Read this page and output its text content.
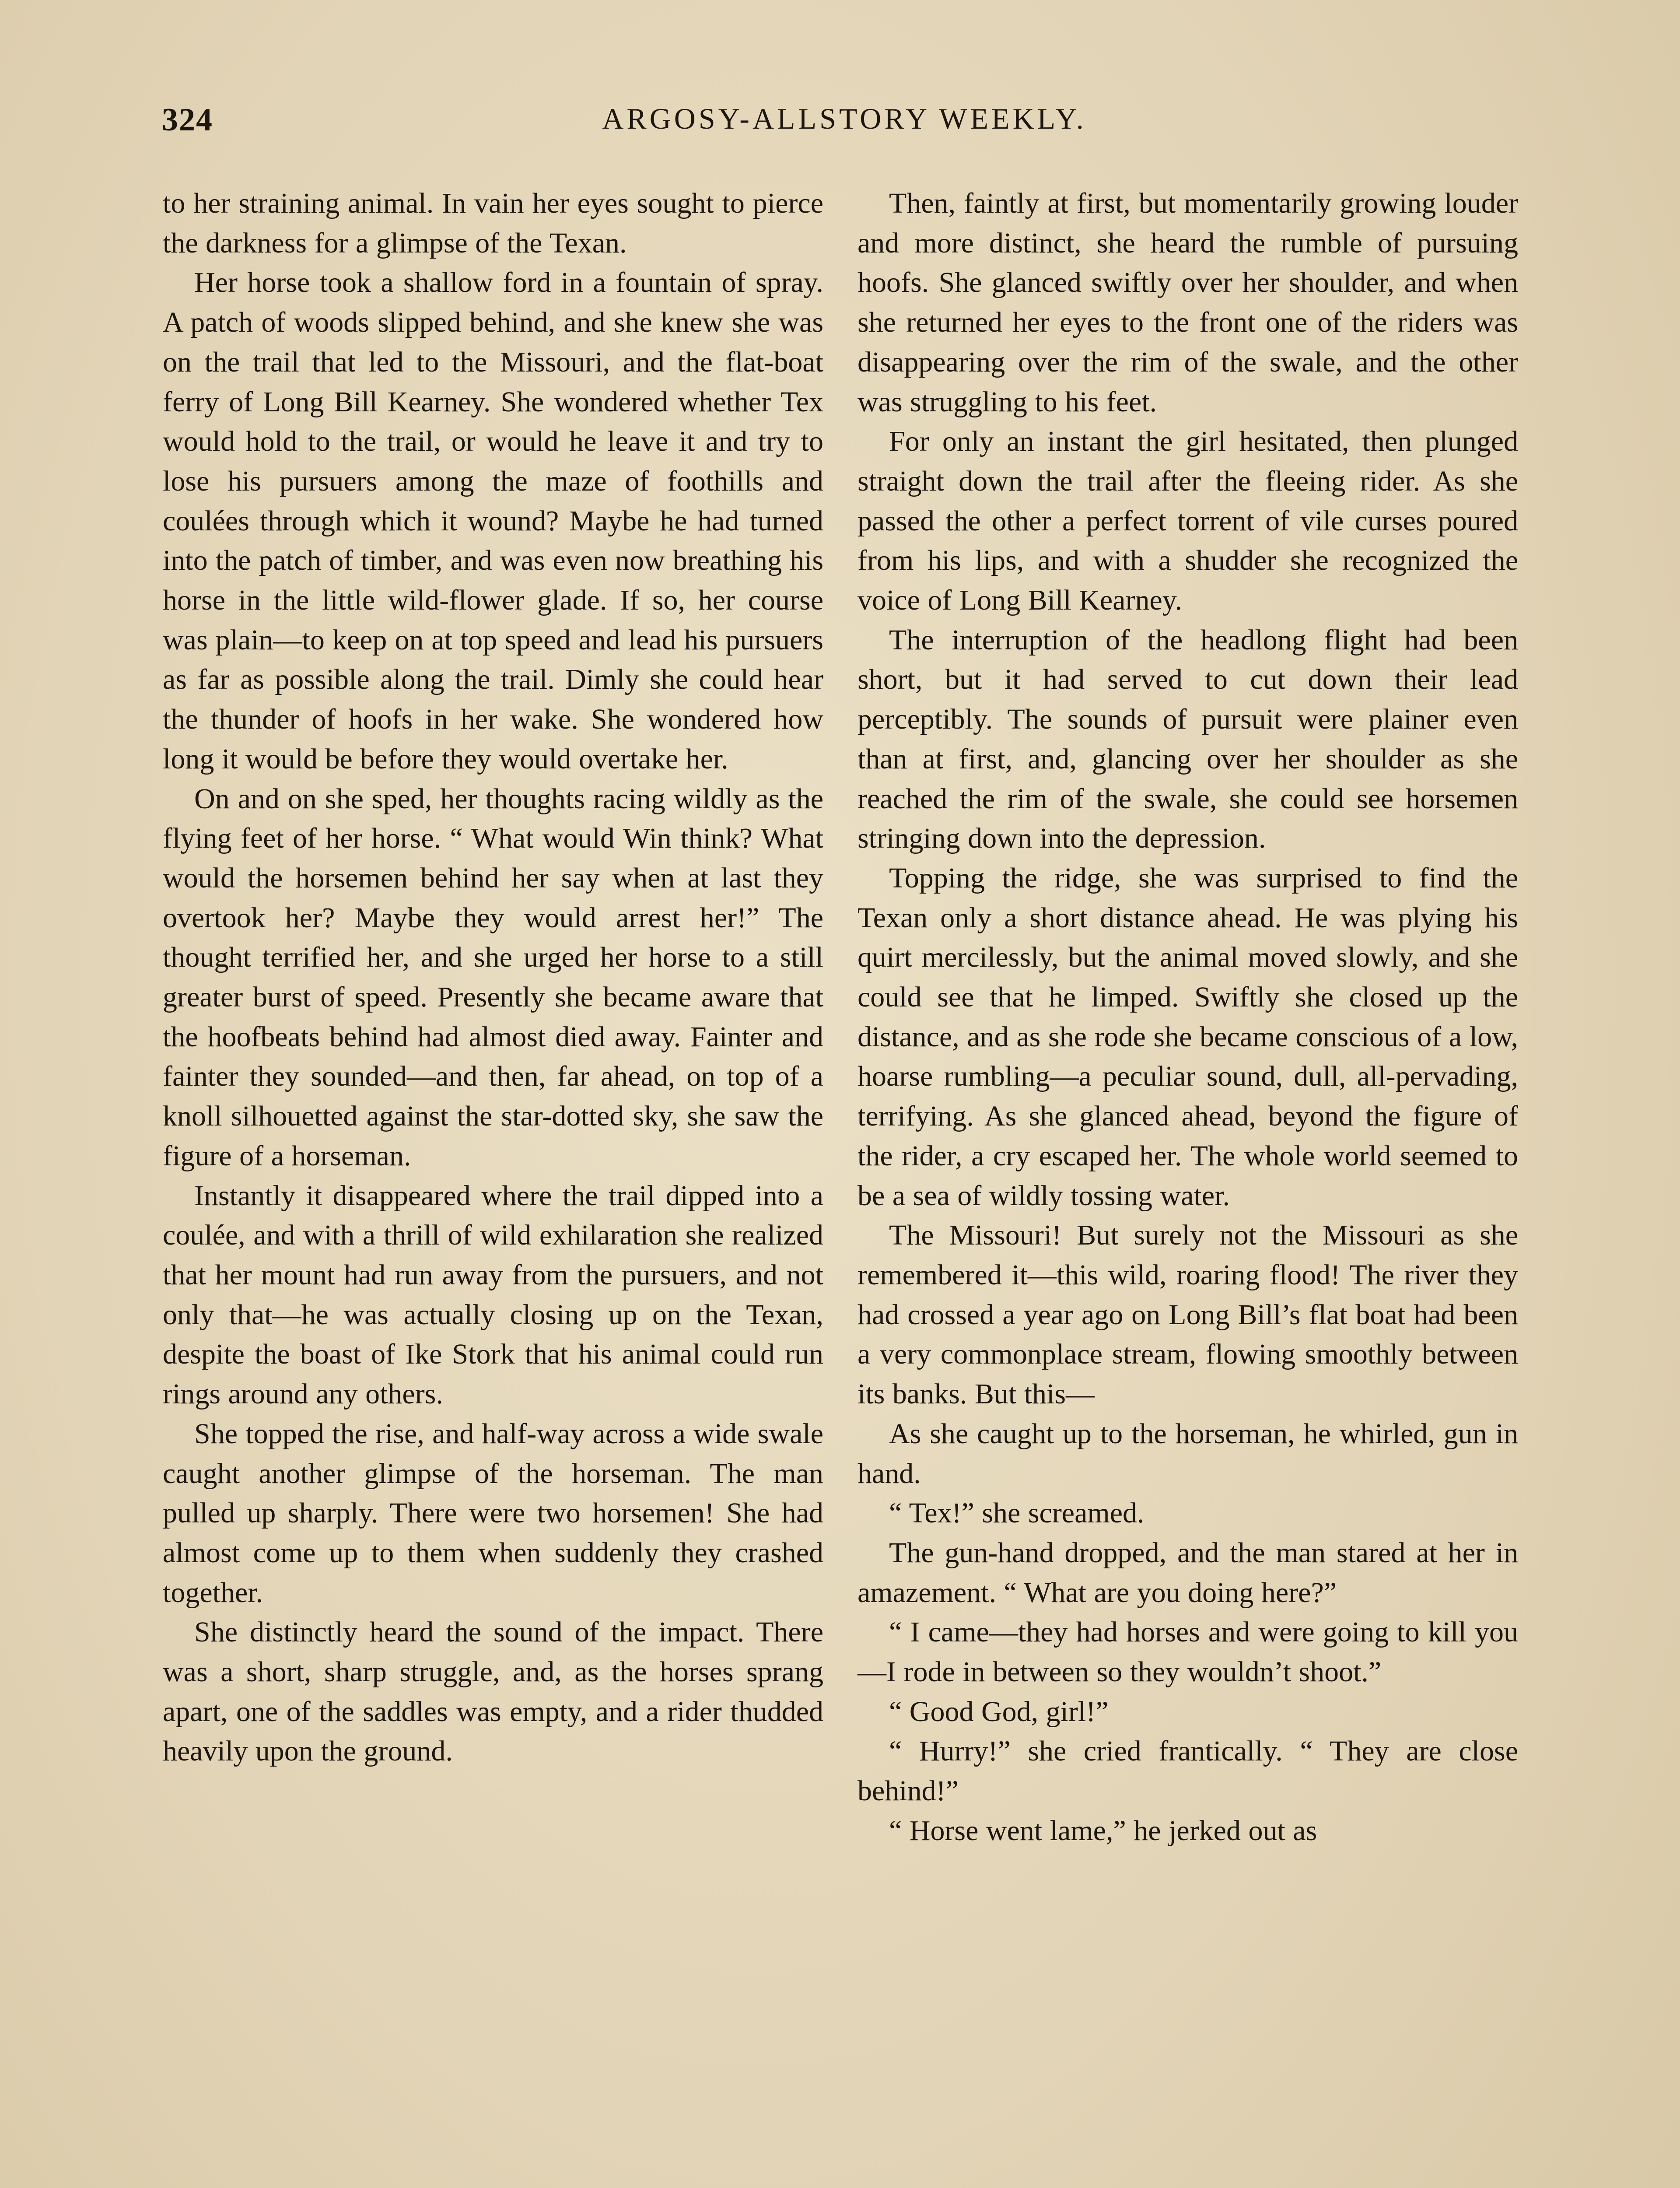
324	ARGOSY-ALLSTORY WEEKLY.

to her straining animal. In vain her eyes sought to pierce the darkness for a glimpse of the Texan.

Her horse took a shallow ford in a fountain of spray. A patch of woods slipped behind, and she knew she was on the trail that led to the Missouri, and the flat-boat ferry of Long Bill Kearney. She wondered whether Tex would hold to the trail, or would he leave it and try to lose his pursuers among the maze of foothills and coulées through which it wound? Maybe he had turned into the patch of timber, and was even now breathing his horse in the little wild-flower glade. If so, her course was plain—to keep on at top speed and lead his pursuers as far as possible along the trail. Dimly she could hear the thunder of hoofs in her wake. She wondered how long it would be before they would overtake her.

On and on she sped, her thoughts racing wildly as the flying feet of her horse. “ What would Win think? What would the horsemen behind her say when at last they overtook her? Maybe they would arrest her!” The thought terrified her, and she urged her horse to a still greater burst of speed. Presently she became aware that the hoofbeats behind had almost died away. Fainter and fainter they sounded—and then, far ahead, on top of a knoll silhouetted against the star-dotted sky, she saw the figure of a horseman.

Instantly it disappeared where the trail dipped into a coulée, and with a thrill of wild exhilaration she realized that her mount had run away from the pursuers, and not only that—he was actually closing up on the Texan, despite the boast of Ike Stork that his animal could run rings around any others.

She topped the rise, and half-way across a wide swale caught another glimpse of the horseman. The man pulled up sharply. There were two horsemen! She had almost come up to them when suddenly they crashed together.

She distinctly heard the sound of the impact. There was a short, sharp struggle, and, as the horses sprang apart, one of the saddles was empty, and a rider thudded heavily upon the ground.

Then, faintly at first, but momentarily growing louder and more distinct, she heard the rumble of pursuing hoofs. She glanced swiftly over her shoulder, and when she returned her eyes to the front one of the riders was disappearing over the rim of the swale, and the other was struggling to his feet.

For only an instant the girl hesitated, then plunged straight down the trail after the fleeing rider. As she passed the other a perfect torrent of vile curses poured from his lips, and with a shudder she recognized the voice of Long Bill Kearney.

The interruption of the headlong flight had been short, but it had served to cut down their lead perceptibly. The sounds of pursuit were plainer even than at first, and, glancing over her shoulder as she reached the rim of the swale, she could see horsemen stringing down into the depression.

Topping the ridge, she was surprised to find the Texan only a short distance ahead. He was plying his quirt mercilessly, but the animal moved slowly, and she could see that he limped. Swiftly she closed up the distance, and as she rode she became conscious of a low, hoarse rumbling—a peculiar sound, dull, all-pervading, terrifying. As she glanced ahead, beyond the figure of the rider, a cry escaped her. The whole world seemed to be a sea of wildly tossing water.

The Missouri! But surely not the Missouri as she remembered it—this wild, roaring flood! The river they had crossed a year ago on Long Bill’s flat boat had been a very commonplace stream, flowing smoothly between its banks. But this—

As she caught up to the horseman, he whirled, gun in hand.

“ Tex!” she screamed.

The gun-hand dropped, and the man stared at her in amazement. “ What are you doing here?”

“ I came—they had horses and were going to kill you—I rode in between so they wouldn’t shoot.”

“ Good God, girl!”

“ Hurry!” she cried frantically. “ They are close behind!”

“ Horse went lame,” he jerked out as
